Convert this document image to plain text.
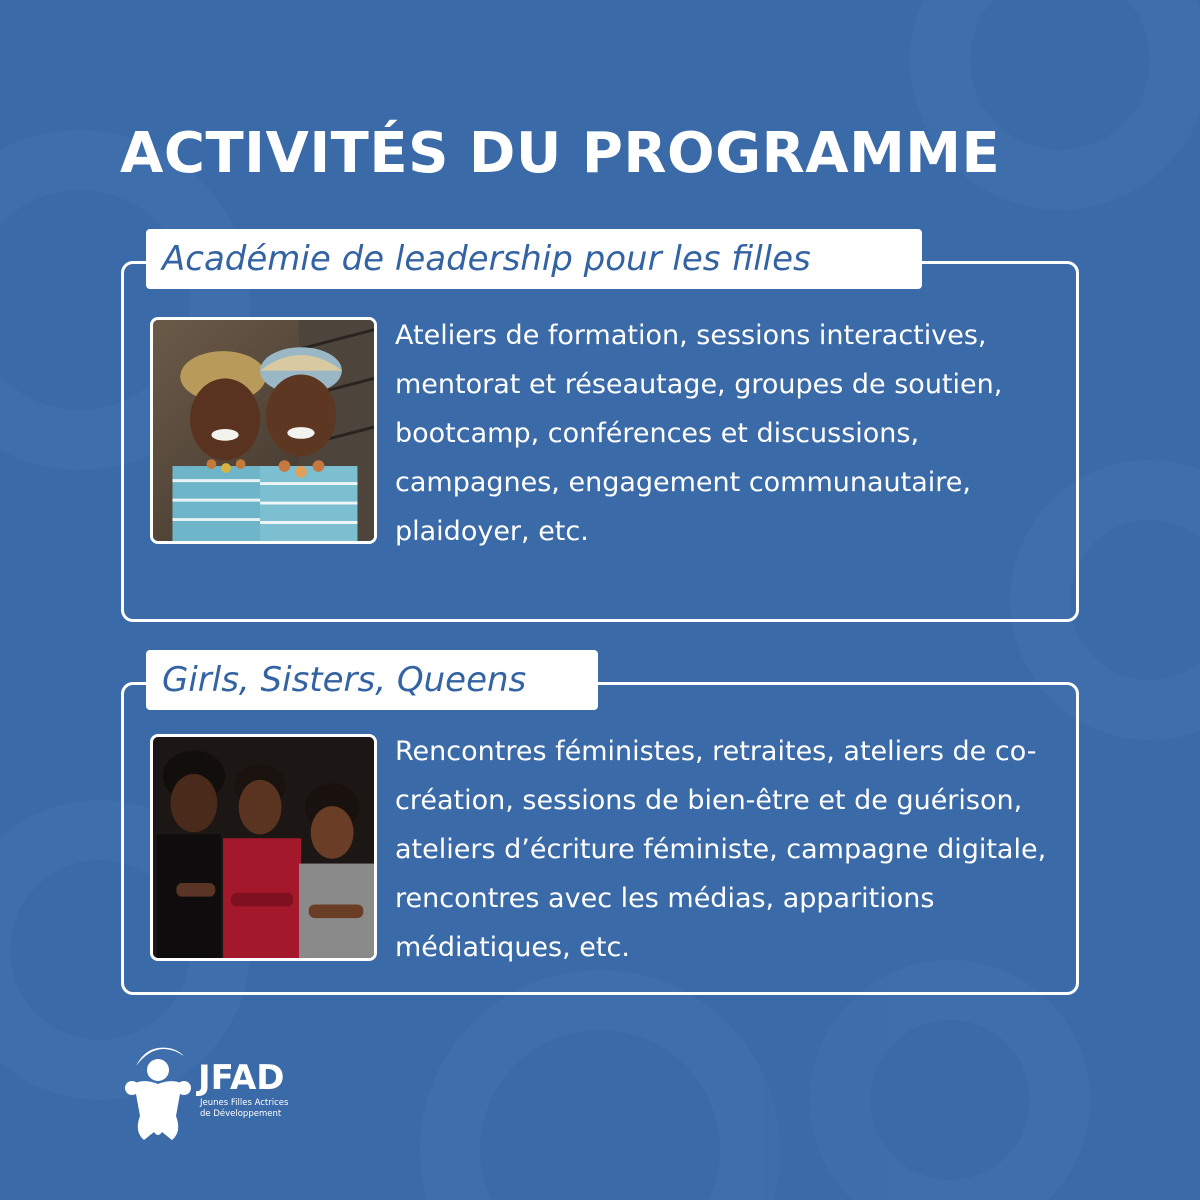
ACTIVITÉS DU PROGRAMME
Académie de leadership pour les filles

Ateliers de formation, sessions interactives, mentorat et réseautage, groupes de soutien, bootcamp, conférences et discussions, campagnes, engagement communautaire, plaidoyer, etc.

Girls, Sisters, Queens

Rencontres féministes, retraites, ateliers de co-création, sessions de bien-être et de guérison, ateliers d’écriture féministe, campagne digitale, rencontres avec les médias, apparitions médiatiques, etc.

JFAD
Jeunes Filles Actrices
de Développement
